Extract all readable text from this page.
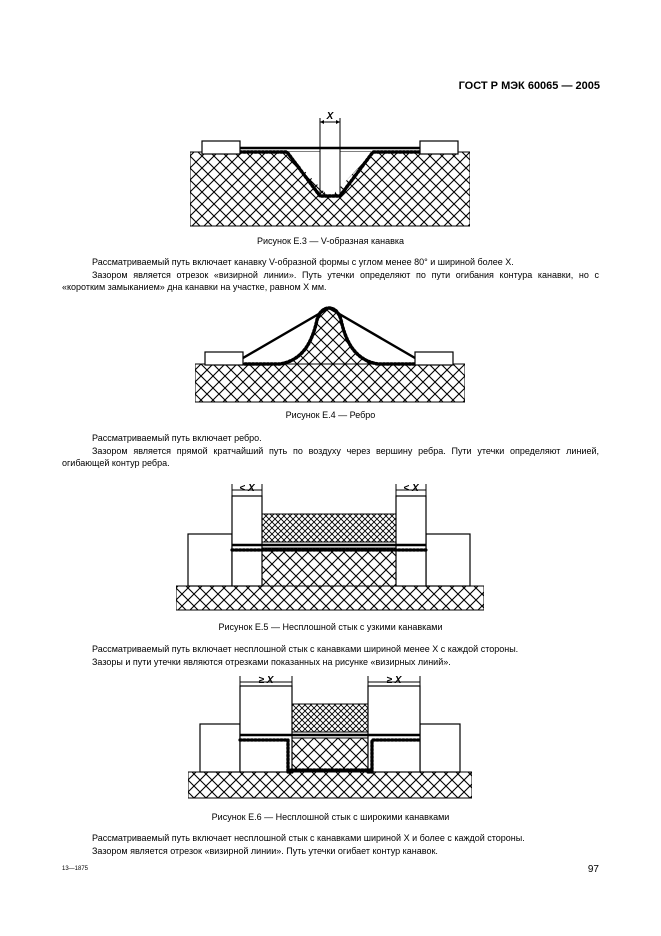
ГОСТ Р МЭК 60065 — 2005
X
Рисунок Е.3 — V-образная канавка

Рассматриваемый путь включает канавку V-образной формы с углом менее 80° и шириной более X.

Зазором является отрезок «визирной линии». Путь утечки определяют по пути огибания контура канавки, но с «коротким замыканием» дна канавки на участке, равном X мм.

Рисунок Е.4 — Ребро

Рассматриваемый путь включает ребро.

Зазором является прямой кратчайший путь по воздуху через вершину ребра. Пути утечки определяют линией, огибающей контур ребра.

< X	< X
Рисунок Е.5 — Несплошной стык с узкими канавками

Рассматриваемый путь включает несплошной стык с канавками шириной менее X с каждой стороны.

Зазоры и пути утечки являются отрезками показанных на рисунке «визирных линий».

≥ X	≥ X
Рисунок Е.6 — Несплошной стык с широкими канавками

Рассматриваемый путь включает несплошной стык с канавками шириной X и более с каждой стороны.

Зазором является отрезок «визирной линии». Путь утечки огибает контур канавок.

13—1875	97
